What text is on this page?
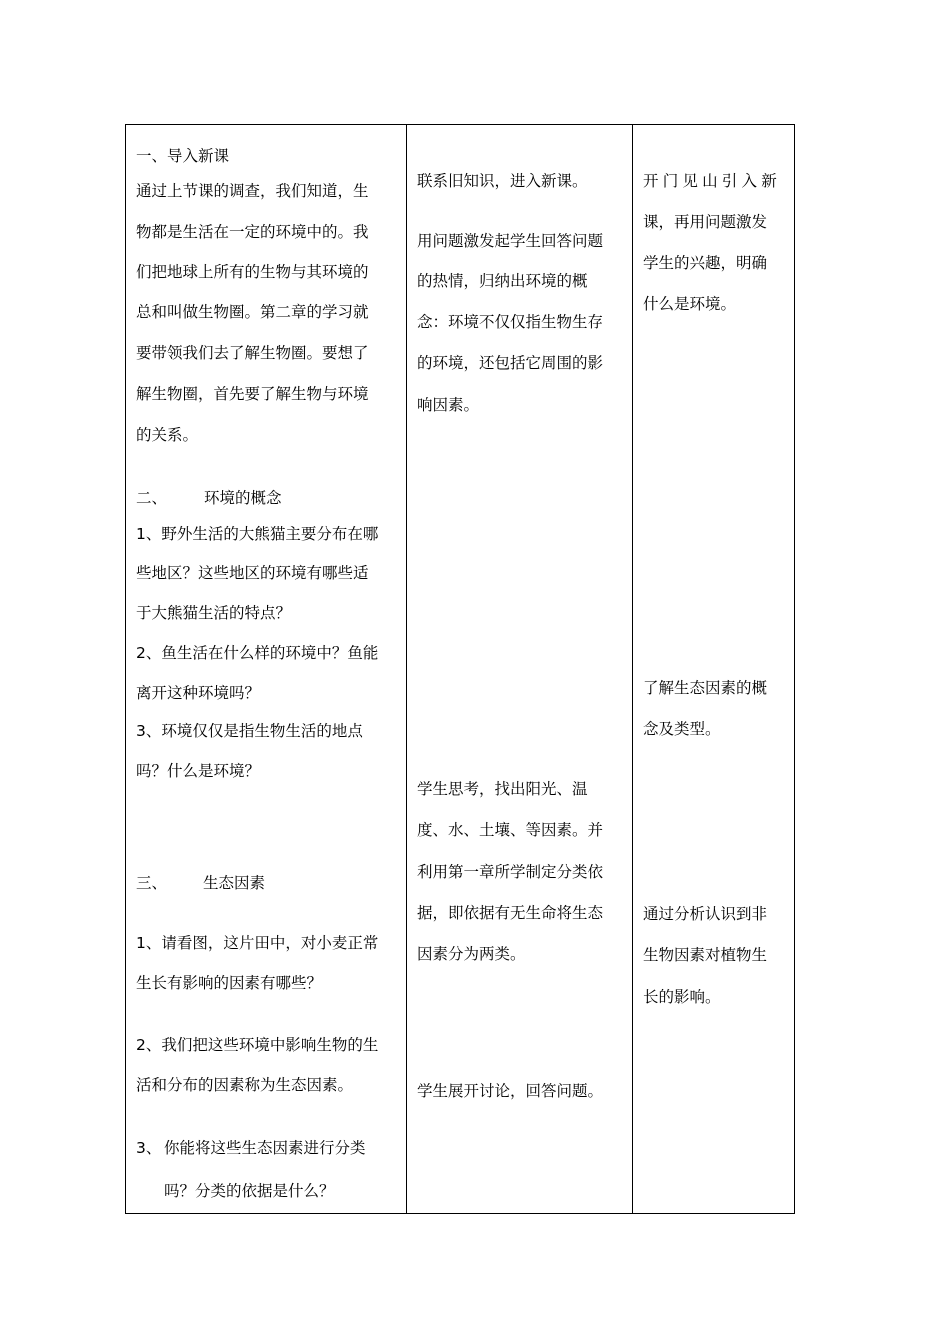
一、导入新课
通过上节课的调查，我们知道，生
物都是生活在一定的环境中的。我
们把地球上所有的生物与其环境的
总和叫做生物圈。第二章的学习就
要带领我们去了解生物圈。要想了
解生物圈，首先要了解生物与环境
的关系。
二、 环境的概念
1、野外生活的大熊猫主要分布在哪
些地区？这些地区的环境有哪些适
于大熊猫生活的特点？
2、鱼生活在什么样的环境中？鱼能
离开这种环境吗？
3、环境仅仅是指生物生活的地点
吗？什么是环境？
三、 生态因素
1、请看图，这片田中，对小麦正常
生长有影响的因素有哪些？
2、我们把这些环境中影响生物的生
活和分布的因素称为生态因素。
3、 你能将这些生态因素进行分类
吗？分类的依据是什么？
联系旧知识，进入新课。
用问题激发起学生回答问题
的热情，归纳出环境的概
念：环境不仅仅指生物生存
的环境，还包括它周围的影
响因素。
学生思考，找出阳光、温
度、水、土壤、等因素。并
利用第一章所学制定分类依
据，即依据有无生命将生态
因素分为两类。
学生展开讨论，回答问题。
开门见山引入新
课，再用问题激发
学生的兴趣，明确
什么是环境。
了解生态因素的概
念及类型。
通过分析认识到非
生物因素对植物生
长的影响。
